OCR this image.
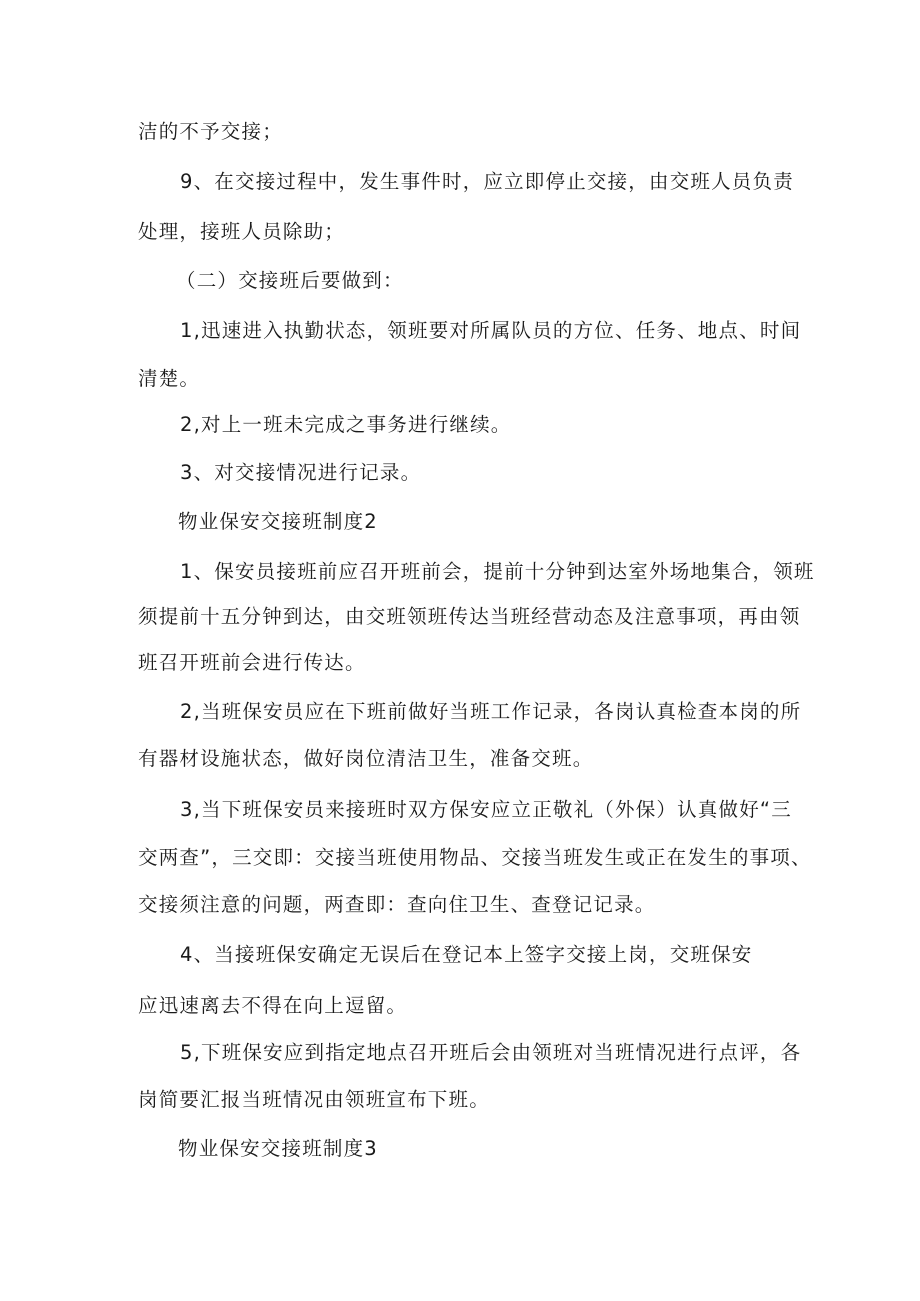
洁的不予交接；
9、在交接过程中，发生事件时，应立即停止交接，由交班人员负责
处理，接班人员除助；
（二）交接班后要做到：
1,迅速进入执勤状态，领班要对所属队员的方位、任务、地点、时间
清楚。
2,对上一班未完成之事务进行继续。
3、对交接情况进行记录。
物业保安交接班制度2
1、保安员接班前应召开班前会，提前十分钟到达室外场地集合，领班
须提前十五分钟到达，由交班领班传达当班经营动态及注意事项，再由领
班召开班前会进行传达。
2,当班保安员应在下班前做好当班工作记录，各岗认真检查本岗的所
有器材设施状态，做好岗位清洁卫生，准备交班。
3,当下班保安员来接班时双方保安应立正敬礼（外保）认真做好“三
交两查”，三交即：交接当班使用物品、交接当班发生或正在发生的事项、
交接须注意的问题，两查即：查向住卫生、查登记记录。
4、当接班保安确定无误后在登记本上签字交接上岗，交班保安
应迅速离去不得在向上逗留。
5,下班保安应到指定地点召开班后会由领班对当班情况进行点评，各
岗简要汇报当班情况由领班宣布下班。
物业保安交接班制度3
